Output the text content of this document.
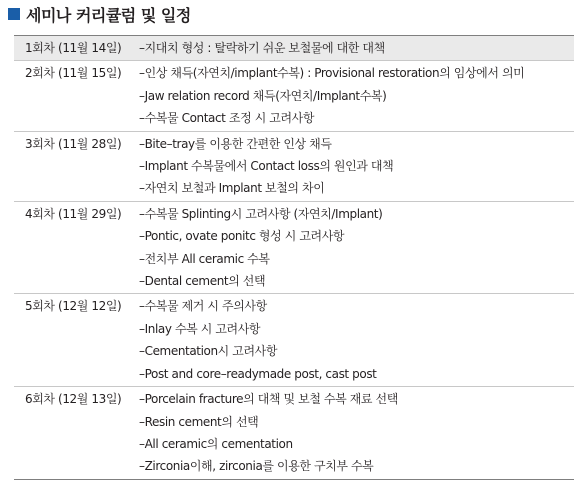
세미나 커리큘럼 및 일정
1회차 (11월 14일)	–지대치 형성 : 탈락하기 쉬운 보철물에 대한 대책

2회차 (11월 15일)	–인상 채득(자연치/implant수복) : Provisional restoration의 임상에서 의미
–Jaw relation record 채득(자연치/Implant수복)
–수복물 Contact 조정 시 고려사항

3회차 (11월 28일)	–Bite–tray를 이용한 간편한 인상 채득
–Implant 수복물에서 Contact loss의 원인과 대책
–자연치 보철과 Implant 보철의 차이

4회차 (11월 29일)	–수복물 Splinting시 고려사항 (자연치/Implant)
–Pontic, ovate ponitc 형성 시 고려사항
–전치부 All ceramic 수복
–Dental cement의 선택

5회차 (12월 12일)	–수복물 제거 시 주의사항
–Inlay 수복 시 고려사항
–Cementation시 고려사항
–Post and core–readymade post, cast post

6회차 (12월 13일)	–Porcelain fracture의 대책 및 보철 수복 재료 선택
–Resin cement의 선택
–All ceramic의 cementation
–Zirconia이해, zirconia를 이용한 구치부 수복
